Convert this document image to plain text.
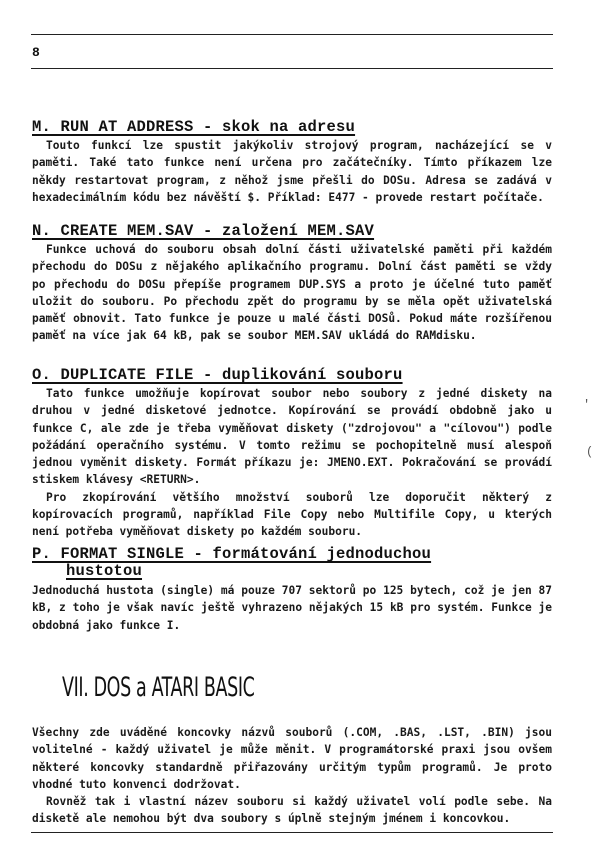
8
M. RUN AT ADDRESS - skok na adresu

Touto funkcí lze spustit jakýkoliv strojový program, nacházející se v paměti. Také tato funkce není určena pro začátečníky. Tímto příkazem lze někdy restartovat program, z něhož jsme přešli do DOSu. Adresa se zadává v hexadecimálním kódu bez návěští $. Příklad: E477 - provede restart počítače.

N. CREATE MEM.SAV - založení MEM.SAV

Funkce uchová do souboru obsah dolní části uživatelské paměti při každém přechodu do DOSu z nějakého aplikačního programu. Dolní část paměti se vždy po přechodu do DOSu přepíše programem DUP.SYS a proto je účelné tuto paměť uložit do souboru. Po přechodu zpět do programu by se měla opět uživatelská paměť obnovit. Tato funkce je pouze u malé části DOSů. Pokud máte rozšířenou paměť na více jak 64 kB, pak se soubor MEM.SAV ukládá do RAMdisku.

O. DUPLICATE FILE - duplikování souboru

Tato funkce umožňuje kopírovat soubor nebo soubory z jedné diskety na druhou v jedné disketové jednotce. Kopírování se provádí obdobně jako u funkce C, ale zde je třeba vyměňovat diskety ("zdrojovou" a "cílovou") podle požádání operačního systému. V tomto režimu se pochopitelně musí alespoň jednou vyměnit diskety. Formát příkazu je: JMENO.EXT. Pokračování se provádí stiskem klávesy <RETURN>.

Pro zkopírování většího množství souborů lze doporučit některý z kopírovacích programů, například File Copy nebo Multifile Copy, u kterých není potřeba vyměňovat diskety po každém souboru.

P. FORMAT SINGLE - formátování jednoduchou
hustotou

Jednoduchá hustota (single) má pouze 707 sektorů po 125 bytech, což je jen 87 kB, z toho je však navíc ještě vyhrazeno nějakých 15 kB pro systém. Funkce je obdobná jako funkce I.

VII. DOS a ATARI BASIC

Všechny zde uváděné koncovky názvů souborů (.COM, .BAS, .LST, .BIN) jsou volitelné - každý uživatel je může měnit. V programátorské praxi jsou ovšem některé koncovky standardně přiřazovány určitým typům programů. Je proto vhodné tuto konvenci dodržovat.

Rovněž tak i vlastní název souboru si každý uživatel volí podle sebe. Na disketě ale nemohou být dva soubory s úplně stejným jménem i koncovkou.

'
(
